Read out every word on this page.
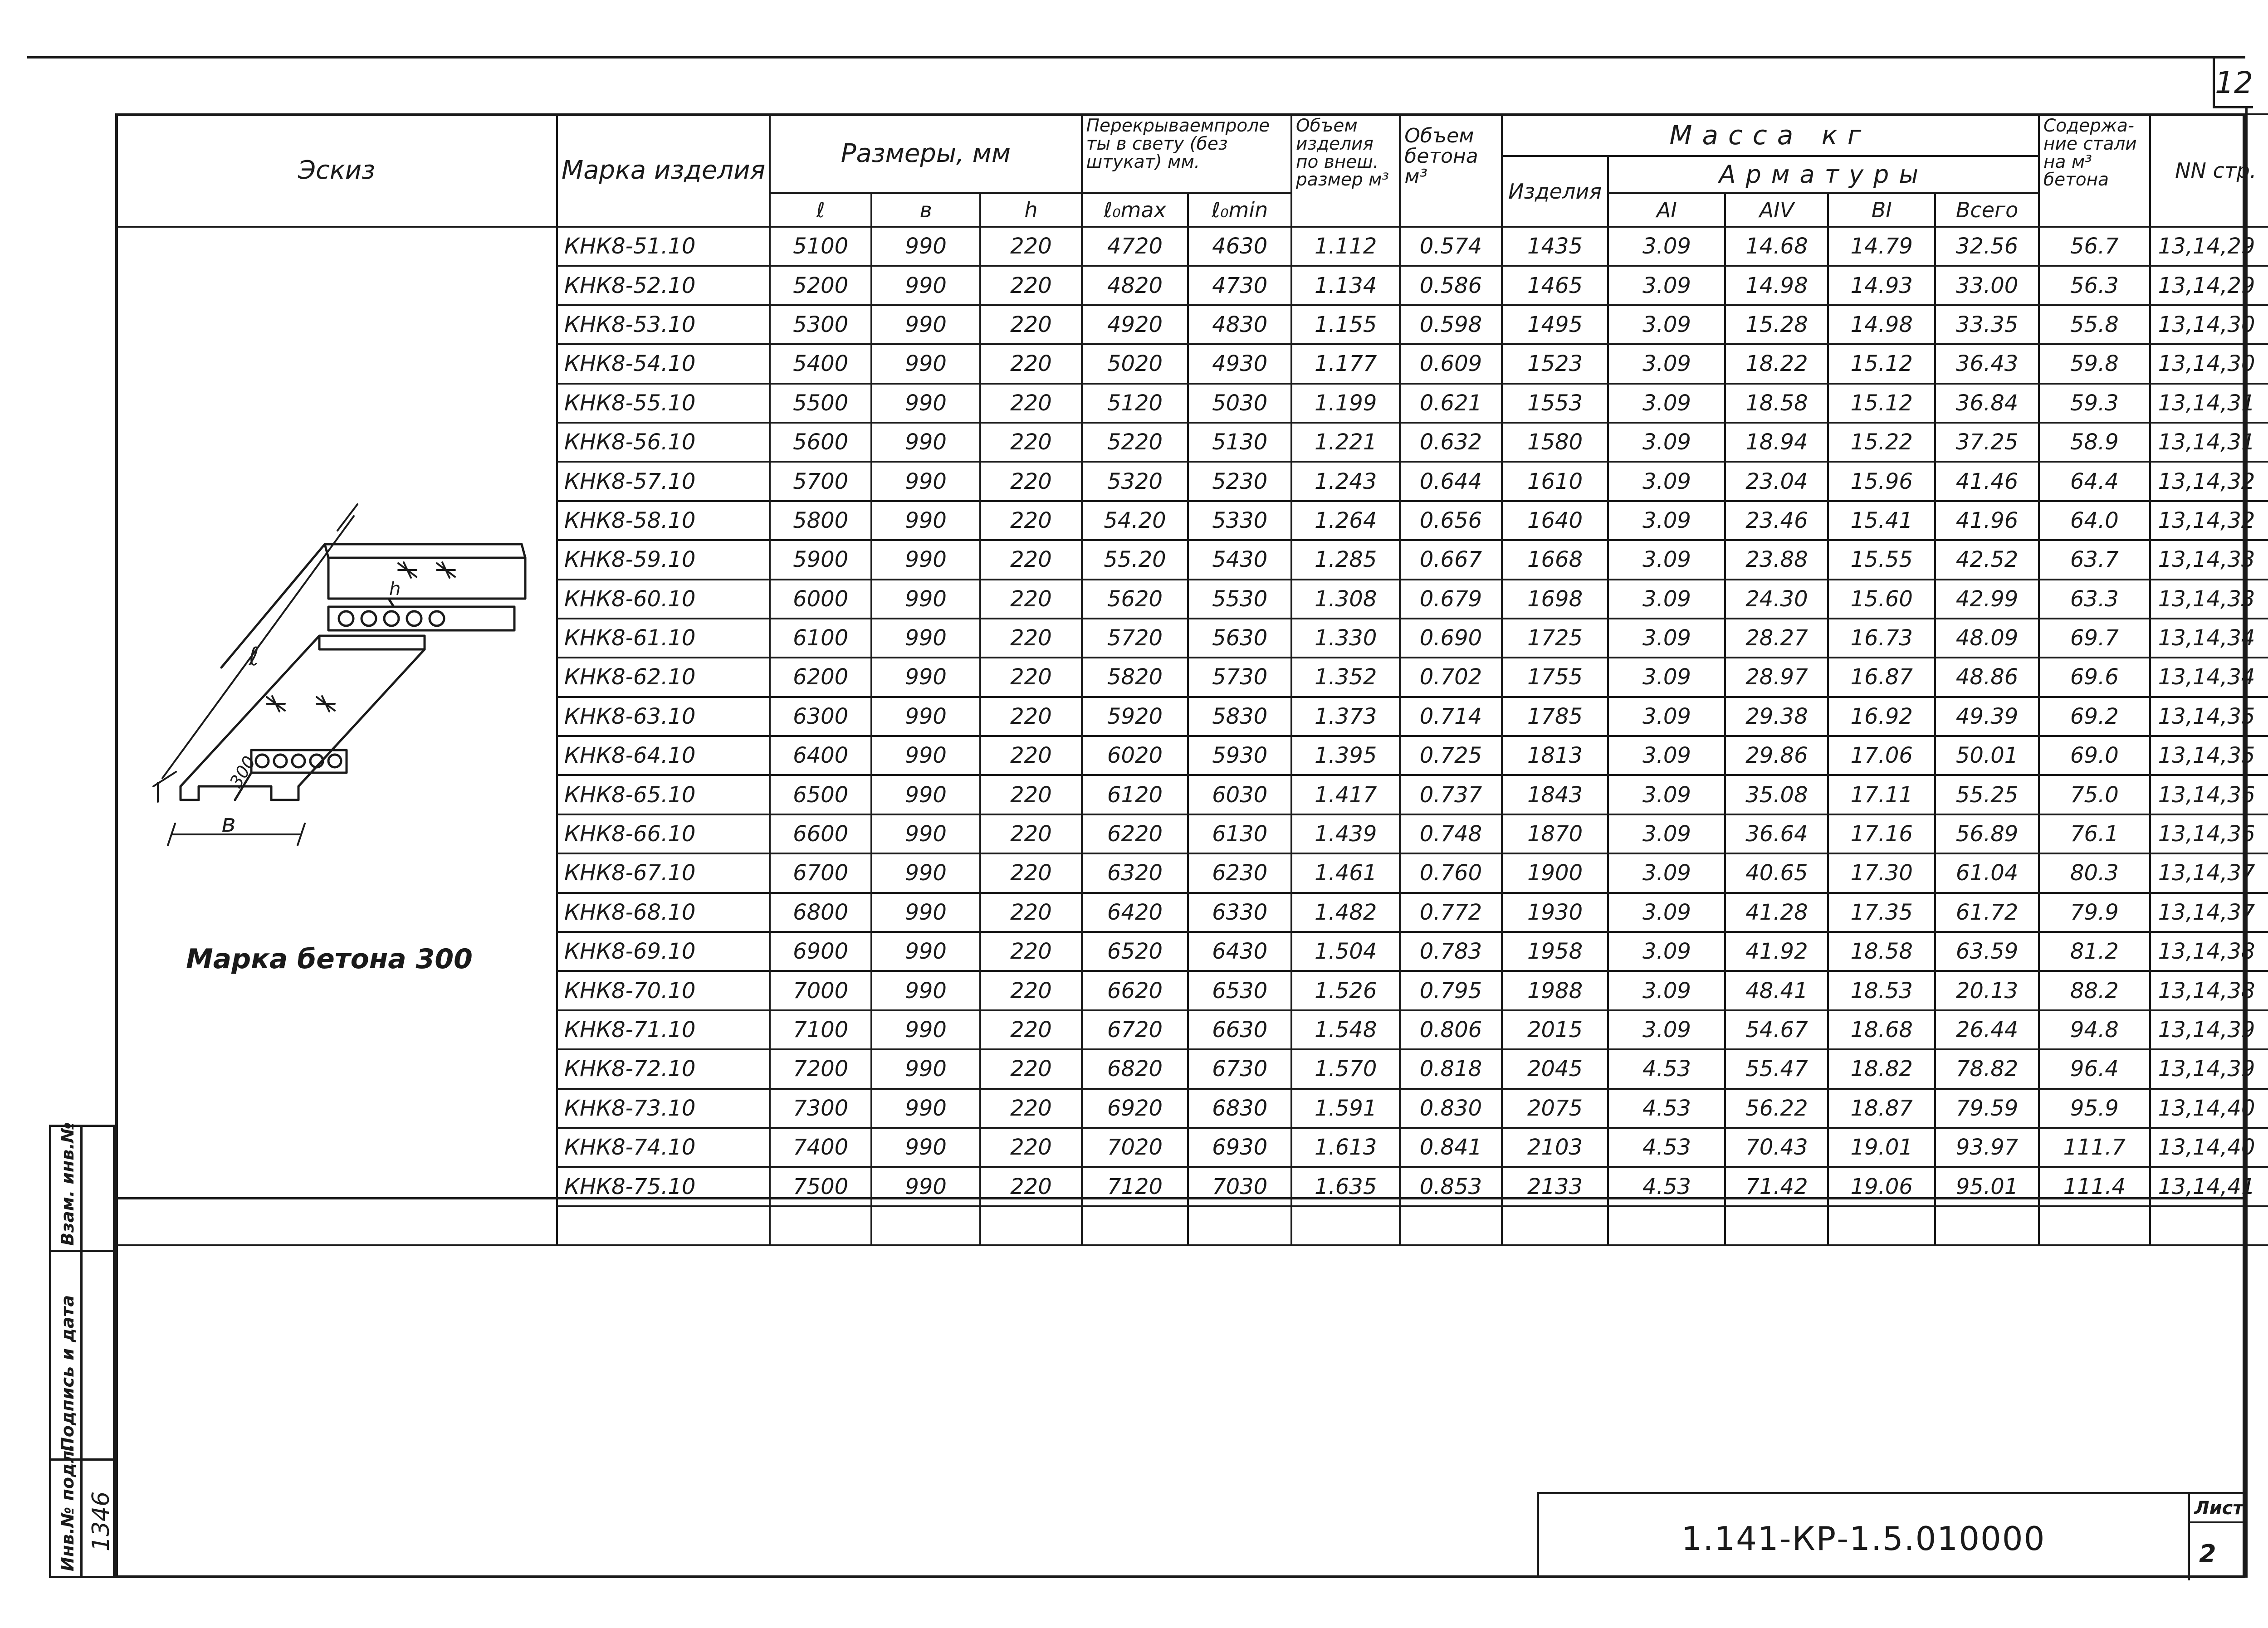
12
Эскиз	Марка изделия	Размеры, мм			Перекрываемпроле ты в свету (без штукат) мм.		Объем изделия по внеш. размер м³	Объем бетона м³	Масса кг					Содержа- ние стали на м³ бетона	NN стр.
									Изделия	Арматуры					
		ℓ	в	h	ℓ₀max	ℓ₀min				АI	АIV	ВI	Всего		

ℓ
в
h
300	КНК8-51.10	5100	990	220	4720	4630	1.112	0.574	1435	3.09	14.68	14.79	32.56	56.7	13,14,29
	КНК8-52.10	5200	990	220	4820	4730	1.134	0.586	1465	3.09	14.98	14.93	33.00	56.3	13,14,29
	КНК8-53.10	5300	990	220	4920	4830	1.155	0.598	1495	3.09	15.28	14.98	33.35	55.8	13,14,30
	КНК8-54.10	5400	990	220	5020	4930	1.177	0.609	1523	3.09	18.22	15.12	36.43	59.8	13,14,30
	КНК8-55.10	5500	990	220	5120	5030	1.199	0.621	1553	3.09	18.58	15.12	36.84	59.3	13,14,31
	КНК8-56.10	5600	990	220	5220	5130	1.221	0.632	1580	3.09	18.94	15.22	37.25	58.9	13,14,31
	КНК8-57.10	5700	990	220	5320	5230	1.243	0.644	1610	3.09	23.04	15.96	41.46	64.4	13,14,32
	КНК8-58.10	5800	990	220	54.20	5330	1.264	0.656	1640	3.09	23.46	15.41	41.96	64.0	13,14,32
	КНК8-59.10	5900	990	220	55.20	5430	1.285	0.667	1668	3.09	23.88	15.55	42.52	63.7	13,14,33
	КНК8-60.10	6000	990	220	5620	5530	1.308	0.679	1698	3.09	24.30	15.60	42.99	63.3	13,14,33
	КНК8-61.10	6100	990	220	5720	5630	1.330	0.690	1725	3.09	28.27	16.73	48.09	69.7	13,14,34
	КНК8-62.10	6200	990	220	5820	5730	1.352	0.702	1755	3.09	28.97	16.87	48.86	69.6	13,14,34
	КНК8-63.10	6300	990	220	5920	5830	1.373	0.714	1785	3.09	29.38	16.92	49.39	69.2	13,14,35
	КНК8-64.10	6400	990	220	6020	5930	1.395	0.725	1813	3.09	29.86	17.06	50.01	69.0	13,14,35
	КНК8-65.10	6500	990	220	6120	6030	1.417	0.737	1843	3.09	35.08	17.11	55.25	75.0	13,14,36
	КНК8-66.10	6600	990	220	6220	6130	1.439	0.748	1870	3.09	36.64	17.16	56.89	76.1	13,14,36
	КНК8-67.10	6700	990	220	6320	6230	1.461	0.760	1900	3.09	40.65	17.30	61.04	80.3	13,14,37
	КНК8-68.10	6800	990	220	6420	6330	1.482	0.772	1930	3.09	41.28	17.35	61.72	79.9	13,14,37
	КНК8-69.10	6900	990	220	6520	6430	1.504	0.783	1958	3.09	41.92	18.58	63.59	81.2	13,14,38
	КНК8-70.10	7000	990	220	6620	6530	1.526	0.795	1988	3.09	48.41	18.53	20.13	88.2	13,14,38
	КНК8-71.10	7100	990	220	6720	6630	1.548	0.806	2015	3.09	54.67	18.68	26.44	94.8	13,14,39
	КНК8-72.10	7200	990	220	6820	6730	1.570	0.818	2045	4.53	55.47	18.82	78.82	96.4	13,14,39
	КНК8-73.10	7300	990	220	6920	6830	1.591	0.830	2075	4.53	56.22	18.87	79.59	95.9	13,14,40
	КНК8-74.10	7400	990	220	7020	6930	1.613	0.841	2103	4.53	70.43	19.01	93.97	111.7	13,14,40
	КНК8-75.10	7500	990	220	7120	7030	1.635	0.853	2133	4.53	71.42	19.06	95.01	111.4	13,14,41

Марка бетона 300
Взам. инв.№
Подпись и дата
Инв.№ подл. 1346	1.141-КР-1.5.010000
Лист
2
